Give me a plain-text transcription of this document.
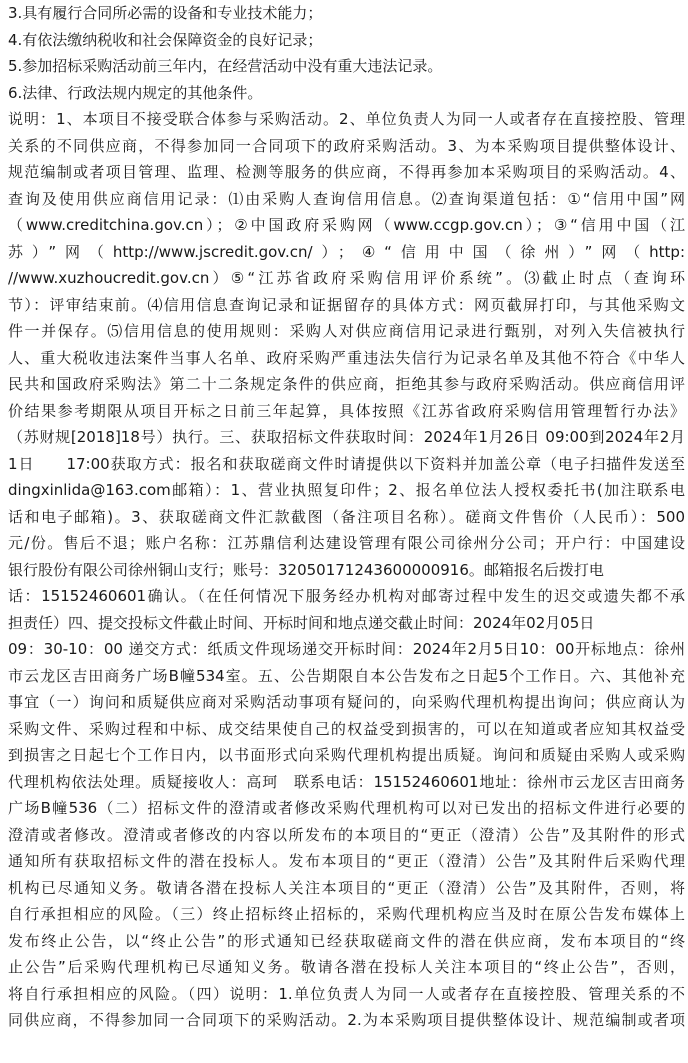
3.具有履行合同所必需的设备和专业技术能力；

4.有依法缴纳税收和社会保障资金的良好记录；

5.参加招标采购活动前三年内，在经营活动中没有重大违法记录。

6.法律、行政法规内规定的其他条件。

说明：1、本项目不接受联合体参与采购活动。2、单位负责人为同一人或者存在直接控股、管理

关系的不同供应商，不得参加同一合同项下的政府采购活动。3、为本采购项目提供整体设计、

规范编制或者项目管理、监理、检测等服务的供应商，不得再参加本采购项目的采购活动。4、

查询及使用供应商信用记录：⑴由采购人查询信用信息。⑵查询渠道包括：①“信用中国”网

（www.creditchina.gov.cn）；②中国政府采购网（www.ccgp.gov.cn）；③“信用中国（江

苏）”网（http://www.jscredit.gov.cn/）；④“信用中国（徐州）”网（http:

//www.xuzhoucredit.gov.cn）⑤“江苏省政府采购信用评价系统”。⑶截止时点（查询环

节）：评审结束前。⑷信用信息查询记录和证据留存的具体方式：网页截屏打印，与其他采购文

件一并保存。⑸信用信息的使用规则：采购人对供应商信用记录进行甄别，对列入失信被执行

人、重大税收违法案件当事人名单、政府采购严重违法失信行为记录名单及其他不符合《中华人

民共和国政府采购法》第二十二条规定条件的供应商，拒绝其参与政府采购活动。供应商信用评

价结果参考期限从项目开标之日前三年起算，具体按照《江苏省政府采购信用管理暂行办法》

（苏财规[2018]18号）执行。三、获取招标文件获取时间：2024年1月26日 09:00到2024年2月

1日　　17:00获取方式：报名和获取磋商文件时请提供以下资料并加盖公章（电子扫描件发送至

dingxinlida@163.com邮箱）：1、营业执照复印件；2、报名单位法人授权委托书(加注联系电

话和电子邮箱)。3、获取磋商文件汇款截图（备注项目名称）。磋商文件售价（人民币）：500

元/份。售后不退；账户名称：江苏鼎信利达建设管理有限公司徐州分公司；开户行：中国建设

银行股份有限公司徐州铜山支行；账号：32050171243600000916。邮箱报名后拨打电

话：15152460601确认。（在任何情况下服务经办机构对邮寄过程中发生的迟交或遗失都不承

担责任）四、提交投标文件截止时间、开标时间和地点递交截止时间：2024年02月05日

09：30-10：00 递交方式：纸质文件现场递交开标时间：2024年2月5日10：00开标地点：徐州

市云龙区吉田商务广场B幢534室。五、公告期限自本公告发布之日起5个工作日。六、其他补充

事宜（一）询问和质疑供应商对采购活动事项有疑问的，向采购代理机构提出询问；供应商认为

采购文件、采购过程和中标、成交结果使自己的权益受到损害的，可以在知道或者应知其权益受

到损害之日起七个工作日内，以书面形式向采购代理机构提出质疑。询问和质疑由采购人或采购

代理机构依法处理。质疑接收人：高珂　联系电话：15152460601地址：徐州市云龙区吉田商务

广场B幢536（二）招标文件的澄清或者修改采购代理机构可以对已发出的招标文件进行必要的

澄清或者修改。澄清或者修改的内容以所发布的本项目的“更正（澄清）公告”及其附件的形式

通知所有获取招标文件的潜在投标人。发布本项目的“更正（澄清）公告”及其附件后采购代理

机构已尽通知义务。敬请各潜在投标人关注本项目的“更正（澄清）公告”及其附件，否则，将

自行承担相应的风险。（三）终止招标终止招标的，采购代理机构应当及时在原公告发布媒体上

发布终止公告，以“终止公告”的形式通知已经获取磋商文件的潜在供应商，发布本项目的“终

止公告”后采购代理机构已尽通知义务。敬请各潜在投标人关注本项目的“终止公告”，否则，

将自行承担相应的风险。（四）说明：1.单位负责人为同一人或者存在直接控股、管理关系的不

同供应商，不得参加同一合同项下的采购活动。2.为本采购项目提供整体设计、规范编制或者项
